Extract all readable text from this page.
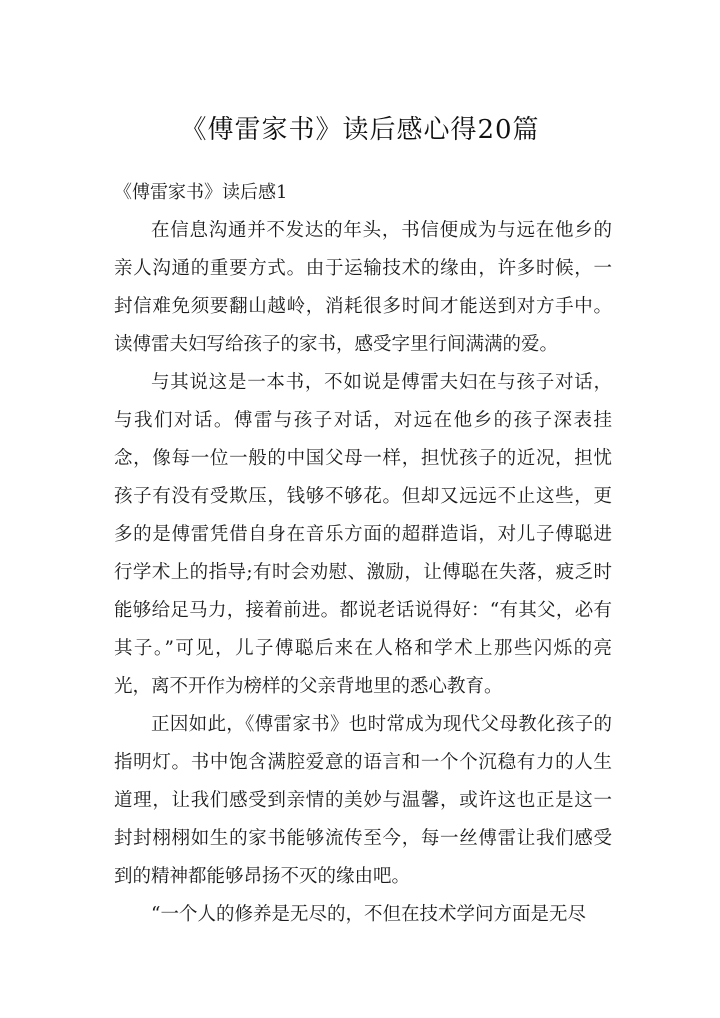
《傅雷家书》读后感心得20篇
《傅雷家书》读后感1

在信息沟通并不发达的年头，书信便成为与远在他乡的亲人沟通的重要方式。由于运输技术的缘由，许多时候，一封信难免须要翻山越岭，消耗很多时间才能送到对方手中。读傅雷夫妇写给孩子的家书，感受字里行间满满的爱。

与其说这是一本书，不如说是傅雷夫妇在与孩子对话，与我们对话。傅雷与孩子对话，对远在他乡的孩子深表挂念，像每一位一般的中国父母一样，担忧孩子的近况，担忧孩子有没有受欺压，钱够不够花。但却又远远不止这些，更多的是傅雷凭借自身在音乐方面的超群造诣，对儿子傅聪进行学术上的指导;有时会劝慰、激励，让傅聪在失落，疲乏时能够给足马力，接着前进。都说老话说得好：“有其父，必有其子。”可见，儿子傅聪后来在人格和学术上那些闪烁的亮光，离不开作为榜样的父亲背地里的悉心教育。

正因如此，《傅雷家书》也时常成为现代父母教化孩子的指明灯。书中饱含满腔爱意的语言和一个个沉稳有力的人生道理，让我们感受到亲情的美妙与温馨，或许这也正是这一封封栩栩如生的家书能够流传至今，每一丝傅雷让我们感受到的精神都能够昂扬不灭的缘由吧。

“一个人的修养是无尽的，不但在技术学问方面是无尽
